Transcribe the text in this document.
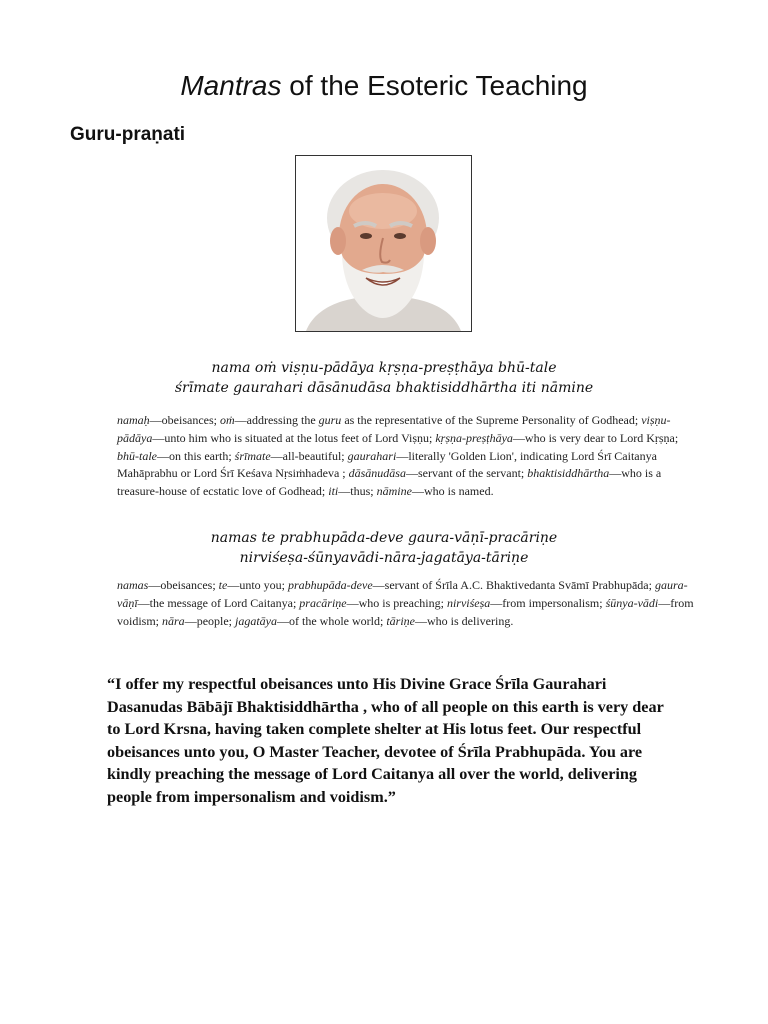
Mantras of the Esoteric Teaching
Guru-praṇati
nama oṁ viṣṇu-pādāya kṛṣṇa-preṣṭhāya bhū-tale
śrīmate gaurahari dāsānudāsa bhaktisiddhārtha iti nāmine
namaḥ—obeisances; oṁ—addressing the guru as the representative of the Supreme Personality of Godhead; viṣṇu-pādāya—unto him who is situated at the lotus feet of Lord Viṣṇu; kṛṣṇa-preṣṭhāya—who is very dear to Lord Kṛṣṇa; bhū-tale—on this earth; śrīmate—all-beautiful; gaurahari—literally 'Golden Lion', indicating Lord Śrī Caitanya Mahāprabhu or Lord Śrī Keśava Nṛsiṁhadeva ; dāsānudāsa—servant of the servant; bhaktisiddhārtha—who is a treasure-house of ecstatic love of Godhead; iti—thus; nāmine—who is named.
namas te prabhupāda-deve gaura-vāṇī-pracāriṇe
nirviśeṣa-śūnyavādi-nāra-jagatāya-tāriṇe
namas—obeisances; te—unto you; prabhupāda-deve—servant of Śrīla A.C. Bhaktivedanta Svāmī Prabhupāda; gaura-vāṇī—the message of Lord Caitanya; pracāriṇe—who is preaching; nirviśeṣa—from impersonalism; śūnya-vādi—from voidism; nāra—people; jagatāya—of the whole world; tāriṇe—who is delivering.
“I offer my respectful obeisances unto His Divine Grace Śrīla Gaurahari Dasanudas Bābājī Bhaktisiddhārtha , who of all people on this earth is very dear to Lord Krsna, having taken complete shelter at His lotus feet. Our respectful obeisances unto you, O Master Teacher, devotee of Śrīla Prabhupāda. You are kindly preaching the message of Lord Caitanya all over the world, delivering people from impersonalism and voidism.”
